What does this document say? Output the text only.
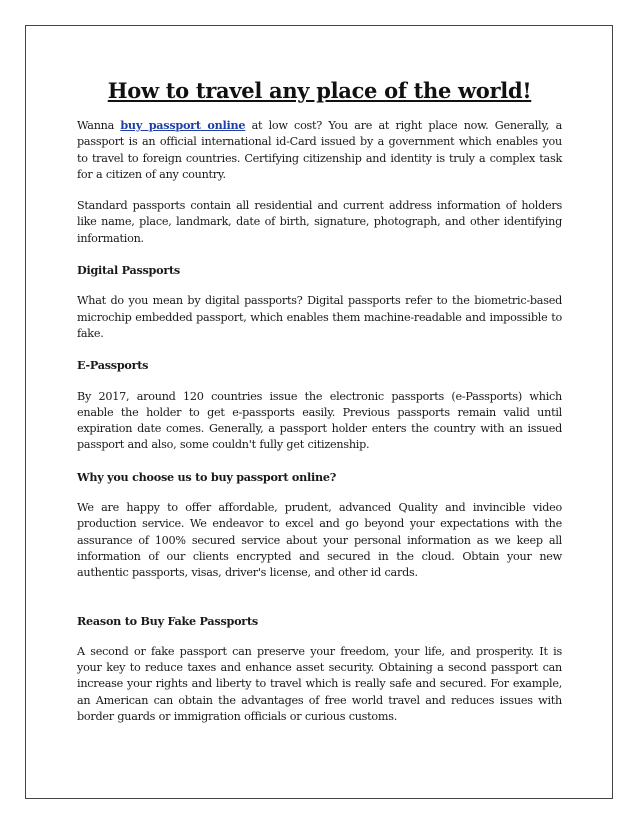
How to travel any place of the world!

Wanna buy passport online at low cost? You are at right place now. Generally, a passport is an official international id-Card issued by a government which enables you to travel to foreign countries. Certifying citizenship and identity is truly a complex task for a citizen of any country.

Standard passports contain all residential and current address information of holders like name, place, landmark, date of birth, signature, photograph, and other identifying information.

Digital Passports

What do you mean by digital passports? Digital passports refer to the biometric-based microchip embedded passport, which enables them machine-readable and impossible to fake.

E-Passports

By 2017, around 120 countries issue the electronic passports (e-Passports) which enable the holder to get e-passports easily. Previous passports remain valid until expiration date comes. Generally, a passport holder enters the country with an issued passport and also, some couldn't fully get citizenship.

Why you choose us to buy passport online?

We are happy to offer affordable, prudent, advanced Quality and invincible video production service. We endeavor to excel and go beyond your expectations with the assurance of 100% secured service about your personal information as we keep all information of our clients encrypted and secured in the cloud. Obtain your new authentic passports, visas, driver's license, and other id cards.

Reason to Buy Fake Passports

A second or fake passport can preserve your freedom, your life, and prosperity. It is your key to reduce taxes and enhance asset security. Obtaining a second passport can increase your rights and liberty to travel which is really safe and secured. For example, an American can obtain the advantages of free world travel and reduces issues with border guards or immigration officials or curious customs.
